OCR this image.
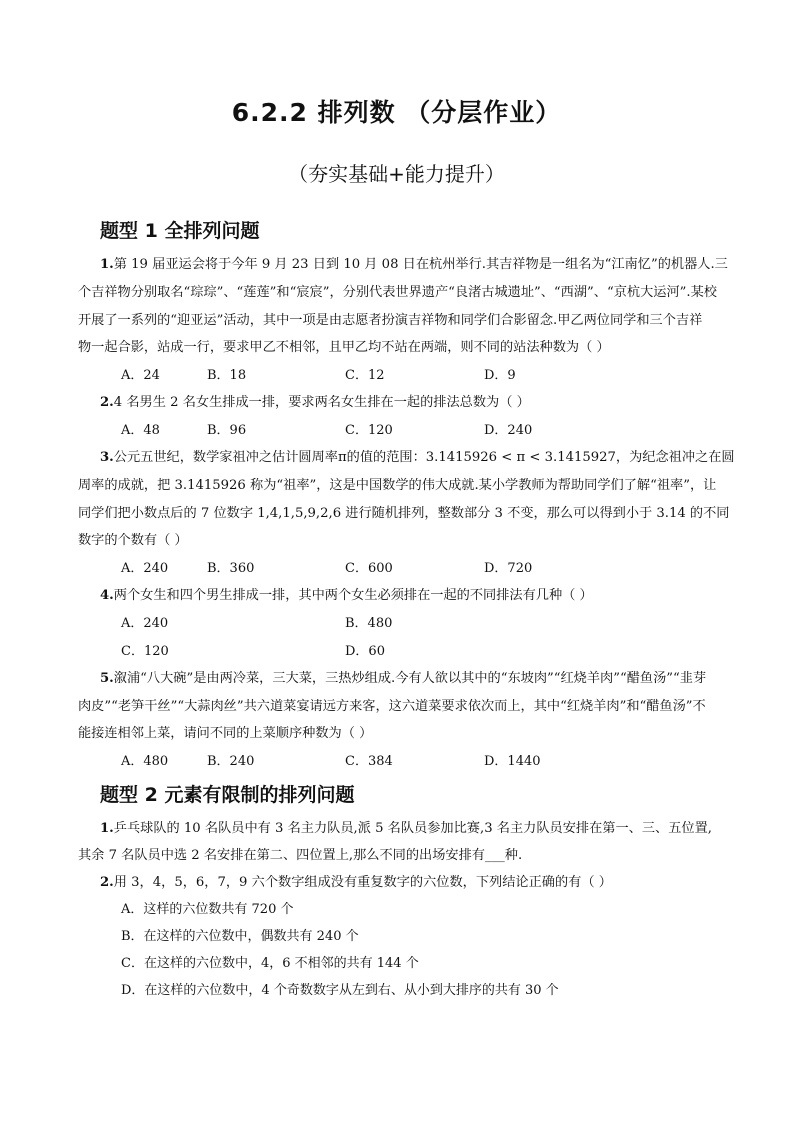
6.2.2 排列数 （分层作业）
（夯实基础+能力提升）
题型 1 全排列问题
1.第 19 届亚运会将于今年 9 月 23 日到 10 月 08 日在杭州举行.其吉祥物是一组名为“江南忆”的机器人.三
个吉祥物分别取名“琮琮”、“莲莲”和“宸宸”，分别代表世界遗产“良渚古城遗址”、“西湖”、“京杭大运河”.某校
开展了一系列的“迎亚运”活动，其中一项是由志愿者扮演吉祥物和同学们合影留念.甲乙两位同学和三个吉祥
物一起合影，站成一行，要求甲乙不相邻，且甲乙均不站在两端，则不同的站法种数为（ ）
A．24	B．18	C．12	D．9
2.4 名男生 2 名女生排成一排，要求两名女生排在一起的排法总数为（ ）
A．48	B．96	C．120	D．240
3.公元五世纪，数学家祖冲之估计圆周率π的值的范围：3.1415926 < π < 3.1415927，为纪念祖冲之在圆
周率的成就，把 3.1415926 称为“祖率”，这是中国数学的伟大成就.某小学教师为帮助同学们了解“祖率”，让
同学们把小数点后的 7 位数字 1,4,1,5,9,2,6 进行随机排列，整数部分 3 不变，那么可以得到小于 3.14 的不同
数字的个数有（ ）
A．240	B．360	C．600	D．720
4.两个女生和四个男生排成一排，其中两个女生必须排在一起的不同排法有几种（ ）
A．240	B．480
C．120	D．60
5.溆浦“八大碗”是由两冷菜，三大菜，三热炒组成.今有人欲以其中的“东坡肉”“红烧羊肉”“醋鱼汤”“韭芽
肉皮”“老笋干丝”“大蒜肉丝”共六道菜宴请远方来客，这六道菜要求依次而上，其中“红烧羊肉”和“醋鱼汤”不
能接连相邻上菜，请问不同的上菜顺序种数为（ ）
A．480	B．240	C．384	D．1440
题型 2 元素有限制的排列问题
1.乒乓球队的 10 名队员中有 3 名主力队员,派 5 名队员参加比赛,3 名主力队员安排在第一、三、五位置,
其余 7 名队员中选 2 名安排在第二、四位置上,那么不同的出场安排有___种.
2.用 3，4，5，6，7，9 六个数字组成没有重复数字的六位数，下列结论正确的有（ ）
A．这样的六位数共有 720 个
B．在这样的六位数中，偶数共有 240 个
C．在这样的六位数中，4，6 不相邻的共有 144 个
D．在这样的六位数中，4 个奇数数字从左到右、从小到大排序的共有 30 个
